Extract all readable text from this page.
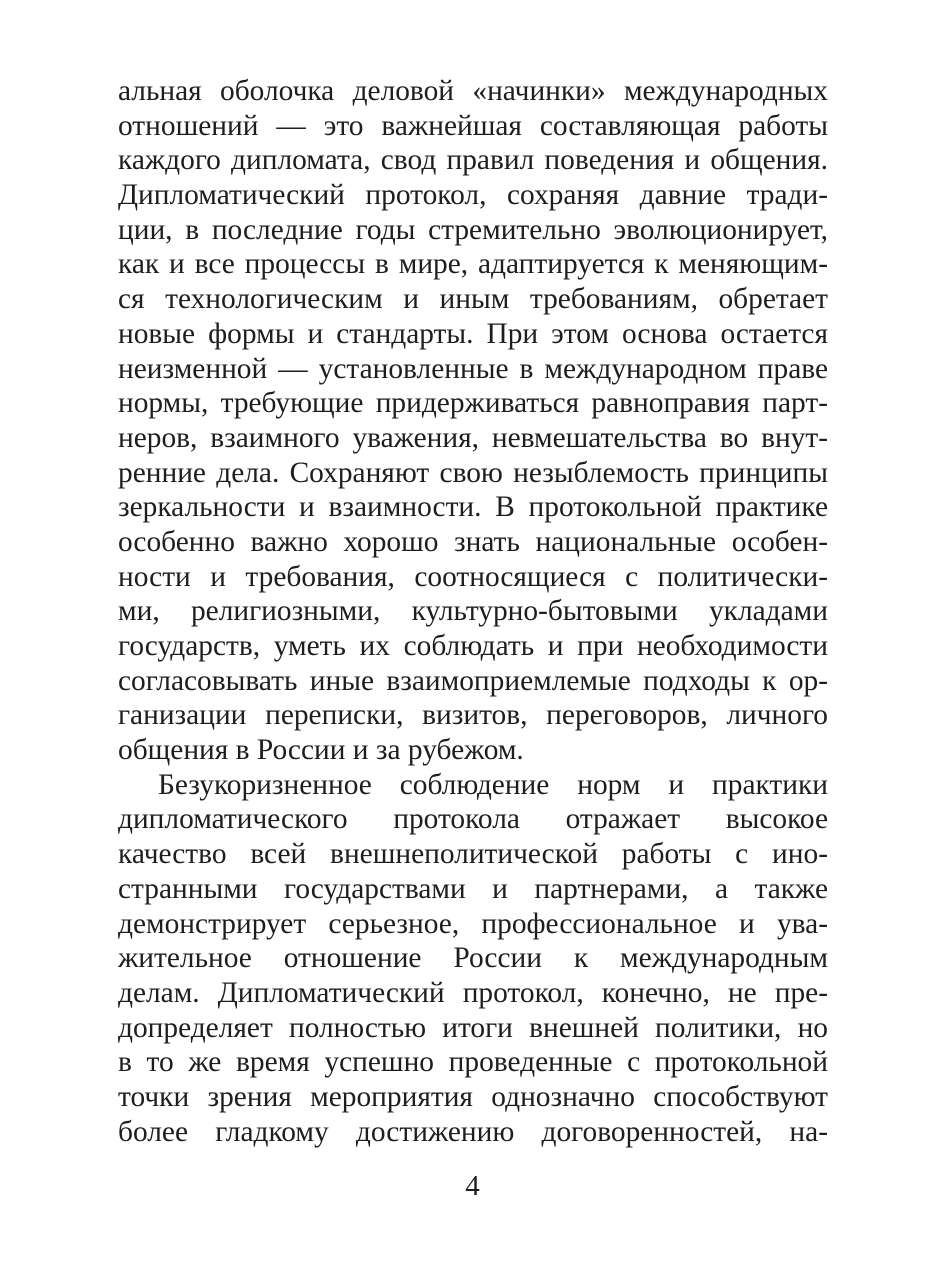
альная оболочка деловой «начинки» международных
отношений — это важнейшая составляющая работы
каждого дипломата, свод правил поведения и общения.
Дипломатический протокол, сохраняя давние тради-
ции, в последние годы стремительно эволюционирует,
как и все процессы в мире, адаптируется к меняющим-
ся технологическим и иным требованиям, обретает
новые формы и стандарты. При этом основа остается
неизменной — установленные в международном праве
нормы, требующие придерживаться равноправия парт-
неров, взаимного уважения, невмешательства во внут-
ренние дела. Сохраняют свою незыблемость принципы
зеркальности и взаимности. В протокольной практике
особенно важно хорошо знать национальные особен-
ности и требования, соотносящиеся с политически-
ми, религиозными, культурно-бытовыми укладами
государств, уметь их соблюдать и при необходимости
согласовывать иные взаимоприемлемые подходы к ор-
ганизации переписки, визитов, переговоров, личного
общения в России и за рубежом.

Безукоризненное соблюдение норм и практики
дипломатического протокола отражает высокое
качество всей внешнеполитической работы с ино-
странными государствами и партнерами, а также
демонстрирует серьезное, профессиональное и ува-
жительное отношение России к международным
делам. Дипломатический протокол, конечно, не пре-
допределяет полностью итоги внешней политики, но
в то же время успешно проведенные с протокольной
точки зрения мероприятия однозначно способствуют
более гладкому достижению договоренностей, на-

4
